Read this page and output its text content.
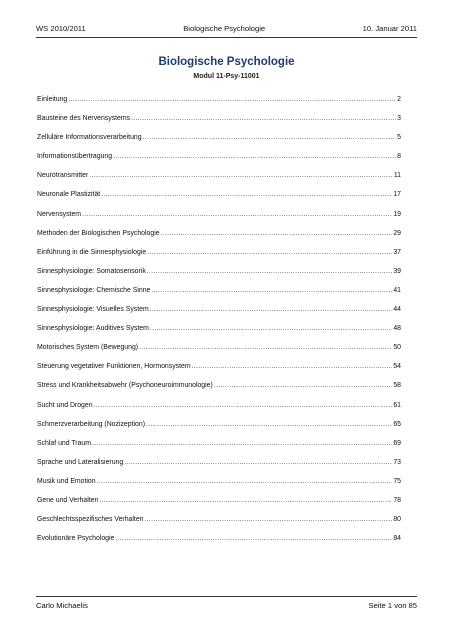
WS 2010/2011	Biologische Psychologie	10. Januar 2011
Biologische Psychologie
Modul 11-Psy-11001
Einleitung .....	2
Bausteine des Nervensystems .....	3
Zelluläre Informationsverarbeitung .....	5
Informationsübertragung .....	8
Neurotransmitter .....	11
Neuronale Plastizität .....	17
Nervensystem .....	19
Methoden der Biologischen Psychologie .....	29
Einführung in die Sinnesphysiologie .....	37
Sinnesphysiologie: Somatosensorik .....	39
Sinnesphysiologie: Chemische Sinne .....	41
Sinnesphysiologie: Visuelles System .....	44
Sinnesphysiologie: Auditives System .....	48
Motorisches System (Bewegung) .....	50
Steuerung vegetativer Funktionen, Hormonsystem .....	54
Stress und Krankheitsabwehr (Psychoneuroimmunologie) .....	58
Sucht und Drogen .....	61
Schmerzverarbeitung (Nozizeption) .....	65
Schlaf und Traum .....	69
Sprache und Lateralisierung .....	73
Musik und Emotion .....	75
Gene und Verhalten .....	78
Geschlechtsspezifisches Verhalten .....	80
Evolutionäre Psychologie .....	84
Carlo Michaelis	Seite 1 von 85
